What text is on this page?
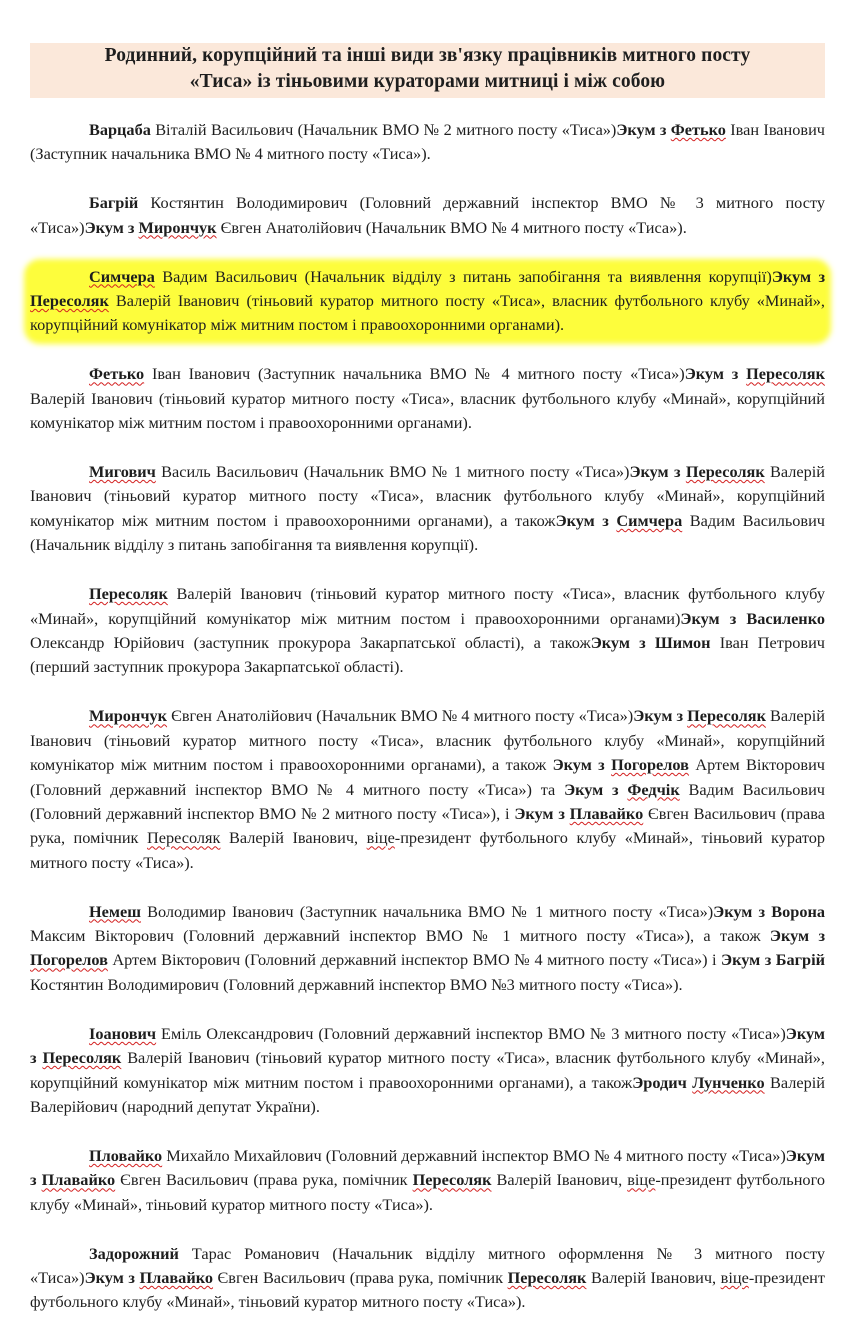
Родинний, корупційний та інші види зв'язку працівників митного посту
«Тиса» із тіньовими кураторами митниці і між собою

Варцаба Віталій Васильович (Начальник ВМО № 2 митного посту «Тиса»)Экум з Фетько Іван Іванович (Заступник начальника ВМО № 4 митного посту «Тиса»).

Багрій Костянтин Володимирович (Головний державний інспектор ВМО № 3 митного посту «Тиса»)Экум з Мирончук Євген Анатолійович (Начальник ВМО № 4 митного посту «Тиса»).

Симчера Вадим Васильович (Начальник відділу з питань запобігання та виявлення корупції)Экум з Пересоляк Валерій Іванович (тіньовий куратор митного посту «Тиса», власник футбольного клубу «Минай», корупційний комунікатор між митним постом і правоохоронними органами).

Фетько Іван Іванович (Заступник начальника ВМО № 4 митного посту «Тиса»)Экум з Пересоляк Валерій Іванович (тіньовий куратор митного посту «Тиса», власник футбольного клубу «Минай», корупційний комунікатор між митним постом і правоохоронними органами).

Мигович Василь Васильович (Начальник ВМО № 1 митного посту «Тиса»)Экум з Пересоляк Валерій Іванович (тіньовий куратор митного посту «Тиса», власник футбольного клубу «Минай», корупційний комунікатор між митним постом і правоохоронними органами), а такожЭкум з Симчера Вадим Васильович (Начальник відділу з питань запобігання та виявлення корупції).

Пересоляк Валерій Іванович (тіньовий куратор митного посту «Тиса», власник футбольного клубу «Минай», корупційний комунікатор між митним постом і правоохоронними органами)Экум з Василенко Олександр Юрійович (заступник прокурора Закарпатської області), а такожЭкум з Шимон Іван Петрович (перший заступник прокурора Закарпатської області).

Мирончук Євген Анатолійович (Начальник ВМО № 4 митного посту «Тиса»)Экум з Пересоляк Валерій Іванович (тіньовий куратор митного посту «Тиса», власник футбольного клубу «Минай», корупційний комунікатор між митним постом і правоохоронними органами), а також Экум з Погорелов Артем Вікторович (Головний державний інспектор ВМО № 4 митного посту «Тиса») та Экум з Федчік Вадим Васильович (Головний державний інспектор ВМО № 2 митного посту «Тиса»), і Экум з Плавайко Євген Васильович (права рука, помічник Пересоляк Валерій Іванович, віце-президент футбольного клубу «Минай», тіньовий куратор митного посту «Тиса»).

Немеш Володимир Іванович (Заступник начальника ВМО № 1 митного посту «Тиса»)Экум з Ворона Максим Вікторович (Головний державний інспектор ВМО № 1 митного посту «Тиса»), а також Экум з Погорелов Артем Вікторович (Головний державний інспектор ВМО № 4 митного посту «Тиса») і Экум з Багрій Костянтин Володимирович (Головний державний інспектор ВМО №3 митного посту «Тиса»).

Іоанович Еміль Олександрович (Головний державний інспектор ВМО № 3 митного посту «Тиса»)Экум з Пересоляк Валерій Іванович (тіньовий куратор митного посту «Тиса», власник футбольного клубу «Минай», корупційний комунікатор між митним постом і правоохоронними органами), а такожЭродич Лунченко Валерій Валерійович (народний депутат України).

Пловайко Михайло Михайлович (Головний державний інспектор ВМО № 4 митного посту «Тиса»)Экум з Плавайко Євген Васильович (права рука, помічник Пересоляк Валерій Іванович, віце-президент футбольного клубу «Минай», тіньовий куратор митного посту «Тиса»).

Задорожний Тарас Романович (Начальник відділу митного оформлення № 3 митного посту «Тиса»)Экум з Плавайко Євген Васильович (права рука, помічник Пересоляк Валерій Іванович, віце-президент футбольного клубу «Минай», тіньовий куратор митного посту «Тиса»).
